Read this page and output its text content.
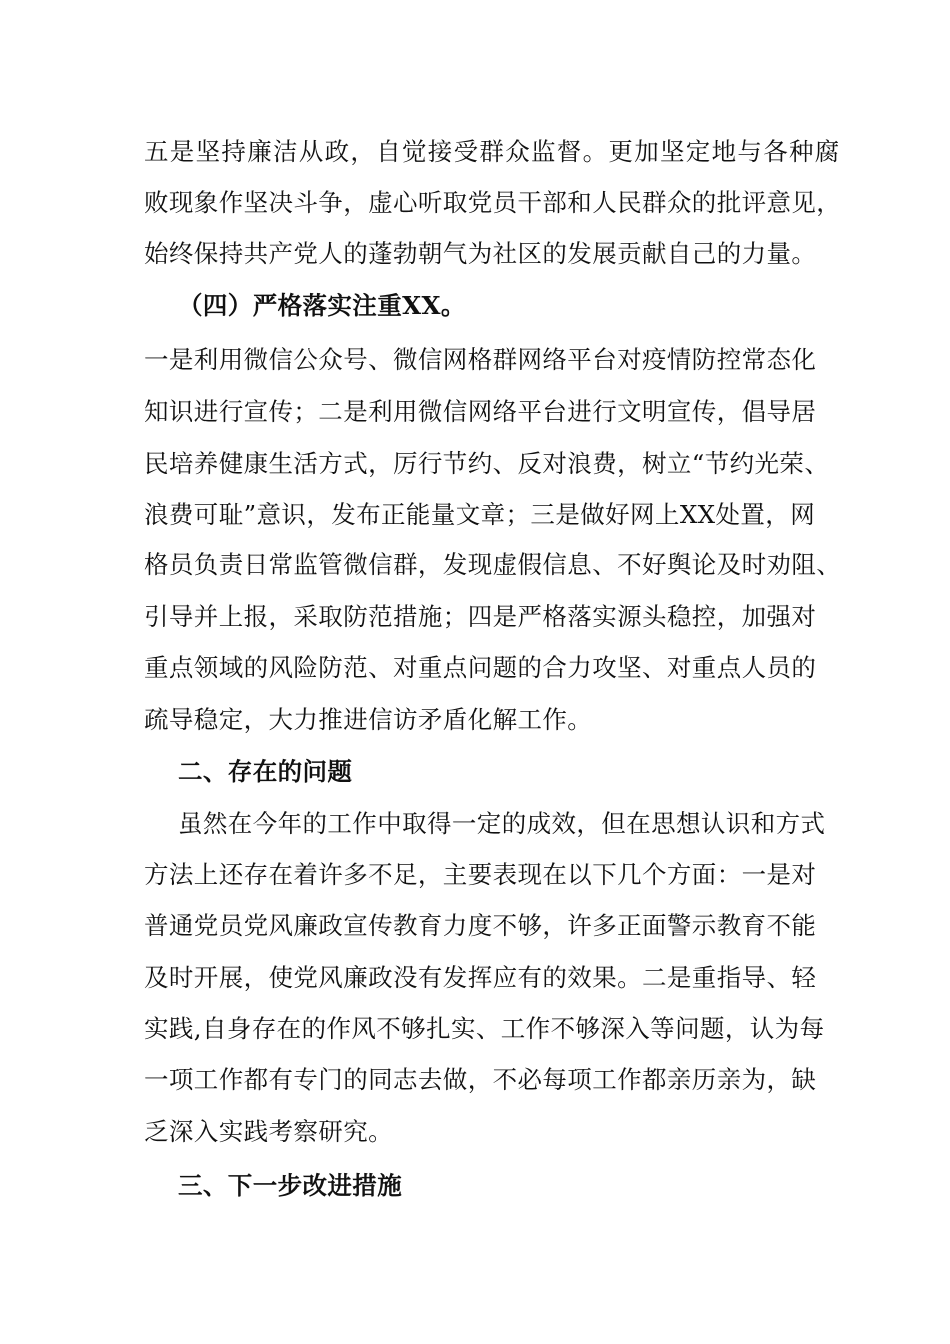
五是坚持廉洁从政，自觉接受群众监督。更加坚定地与各种腐
败现象作坚决斗争，虚心听取党员干部和人民群众的批评意见，
始终保持共产党人的蓬勃朝气为社区的发展贡献自己的力量。
（四）严格落实注重XX。
一是利用微信公众号、微信网格群网络平台对疫情防控常态化
知识进行宣传；二是利用微信网络平台进行文明宣传，倡导居
民培养健康生活方式，厉行节约、反对浪费，树立“节约光荣、
浪费可耻”意识，发布正能量文章；三是做好网上XX处置，网
格员负责日常监管微信群，发现虚假信息、不好舆论及时劝阻、
引导并上报，采取防范措施；四是严格落实源头稳控，加强对
重点领域的风险防范、对重点问题的合力攻坚、对重点人员的
疏导稳定，大力推进信访矛盾化解工作。
二、存在的问题
虽然在今年的工作中取得一定的成效，但在思想认识和方式
方法上还存在着许多不足，主要表现在以下几个方面：一是对
普通党员党风廉政宣传教育力度不够，许多正面警示教育不能
及时开展，使党风廉政没有发挥应有的效果。二是重指导、轻
实践,自身存在的作风不够扎实、工作不够深入等问题，认为每
一项工作都有专门的同志去做，不必每项工作都亲历亲为，缺
乏深入实践考察研究。
三、下一步改进措施
